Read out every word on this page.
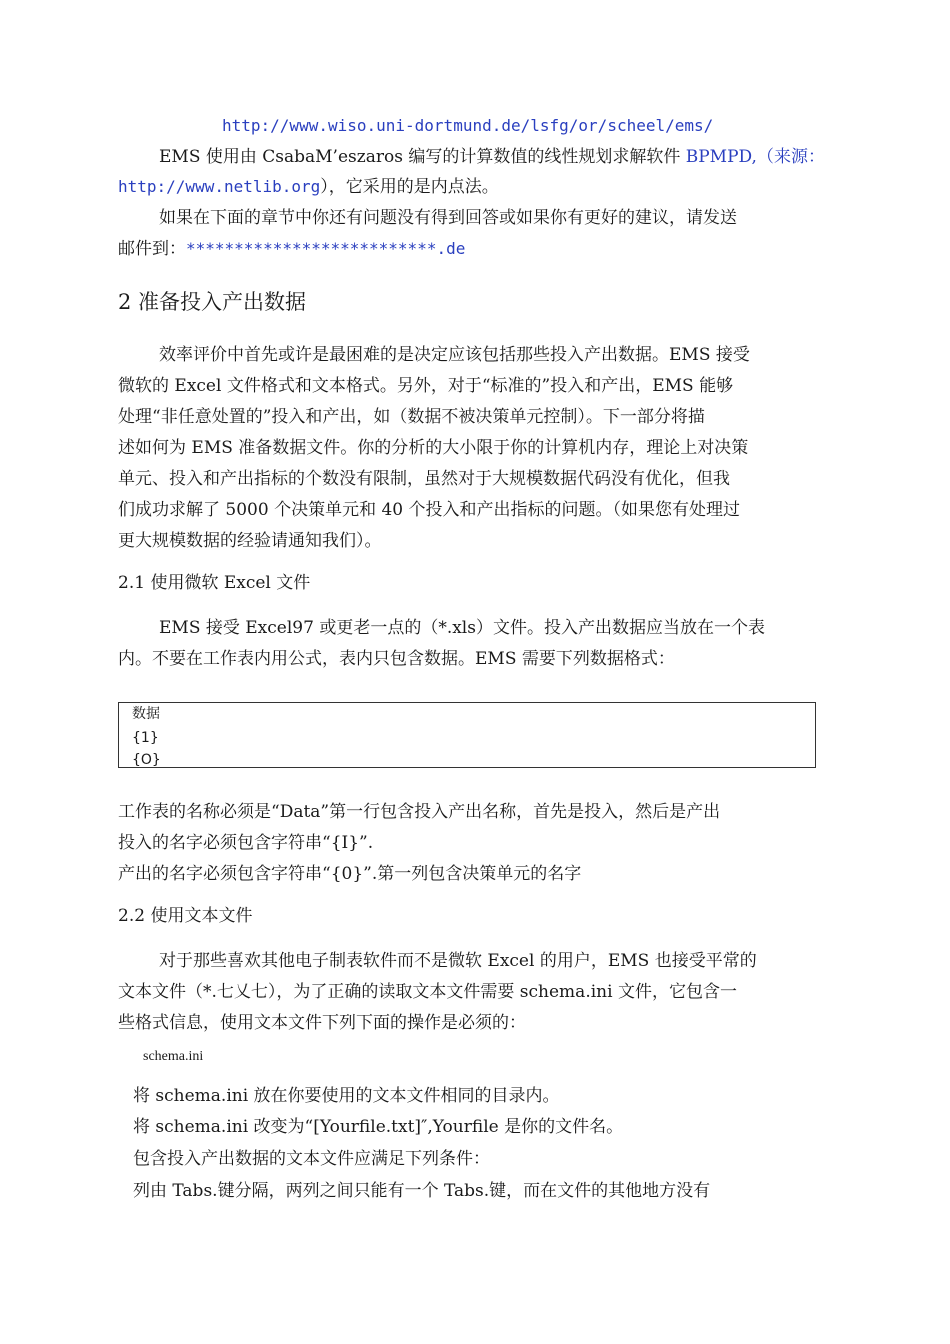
http://www.wiso.uni-dortmund.de/lsfg/or/scheel/ems/
EMS 使用由 CsabaM’eszaros 编写的计算数值的线性规划求解软件 BPMPD,（来源：
http://www.netlib.org），它采用的是内点法。
如果在下面的章节中你还有问题没有得到回答或如果你有更好的建议，请发送
邮件到：**************************.de
2 准备投入产出数据
效率评价中首先或许是最困难的是决定应该包括那些投入产出数据。EMS 接受
微软的 Excel 文件格式和文本格式。另外，对于“标准的”投入和产出，EMS 能够
处理“非任意处置的”投入和产出，如（数据不被决策单元控制）。下一部分将描
述如何为 EMS 准备数据文件。你的分析的大小限于你的计算机内存，理论上对决策
单元、投入和产出指标的个数没有限制，虽然对于大规模数据代码没有优化，但我
们成功求解了 5000 个决策单元和 40 个投入和产出指标的问题。（如果您有处理过
更大规模数据的经验请通知我们）。
2.1 使用微软 Excel 文件
EMS 接受 Excel97 或更老一点的（*.xls）文件。投入产出数据应当放在一个表
内。不要在工作表内用公式，表内只包含数据。EMS 需要下列数据格式：
数据
{1}
{O}
工作表的名称必须是“Data”第一行包含投入产出名称，首先是投入，然后是产出
投入的名字必须包含字符串“{I}”.
产出的名字必须包含字符串“{0}”.第一列包含决策单元的名字
2.2 使用文本文件
对于那些喜欢其他电子制表软件而不是微软 Excel 的用户，EMS 也接受平常的
文本文件（*.七乂七），为了正确的读取文本文件需要 schema.ini 文件，它包含一
些格式信息，使用文本文件下列下面的操作是必须的：
schema.ini
将 schema.ini 放在你要使用的文本文件相同的目录内。
将 schema.ini 改变为“[Yourfile.txt]″,Yourfile 是你的文件名。
包含投入产出数据的文本文件应满足下列条件：
列由 Tabs.键分隔，两列之间只能有一个 Tabs.键，而在文件的其他地方没有
